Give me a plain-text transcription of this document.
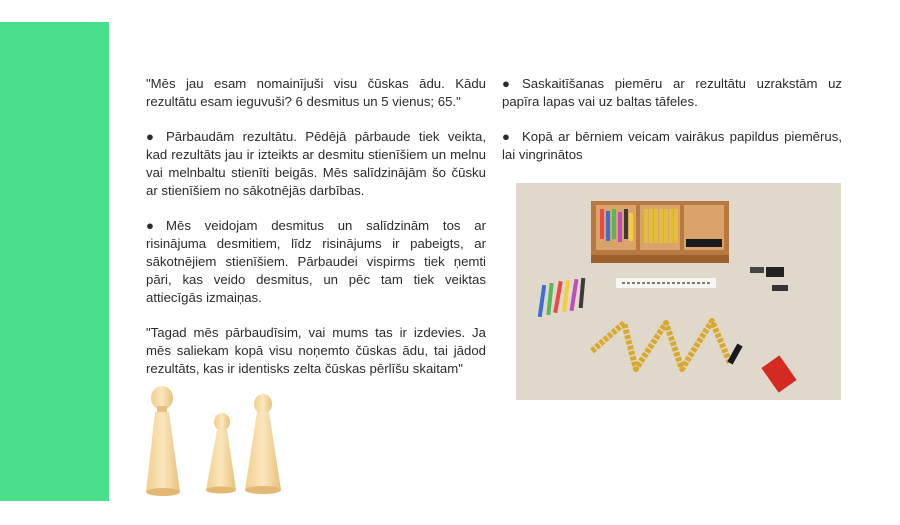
"Mēs jau esam nomainījuši visu čūskas ādu. Kādu rezultātu esam ieguvuši? 6 desmitus un 5 vienus; 65."

● Pārbaudām rezultātu. Pēdējā pārbaude tiek veikta, kad rezultāts jau ir izteikts ar desmitu stienīšiem un melnu vai melnbaltu stienīti beigās. Mēs salīdzinājām šo čūsku ar stienīšiem no sākotnējās darbības.

● Mēs veidojam desmitus un salīdzinām tos ar risinājuma desmitiem, līdz risinājums ir pabeigts, ar sākotnējiem stienīšiem. Pārbaudei vispirms tiek ņemti pāri, kas veido desmitus, un pēc tam tiek veiktas attiecīgās izmaiņas.

"Tagad mēs pārbaudīsim, vai mums tas ir izdevies. Ja mēs saliekam kopā visu noņemto čūskas ādu, tai jādod rezultāts, kas ir identisks zelta čūskas pērlīšu skaitam"

● Saskaitīšanas piemēru ar rezultātu uzrakstām uz papīra lapas vai uz baltas tāfeles.

● Kopā ar bērniem veicam vairākus papildus piemērus, lai vingrinātos
